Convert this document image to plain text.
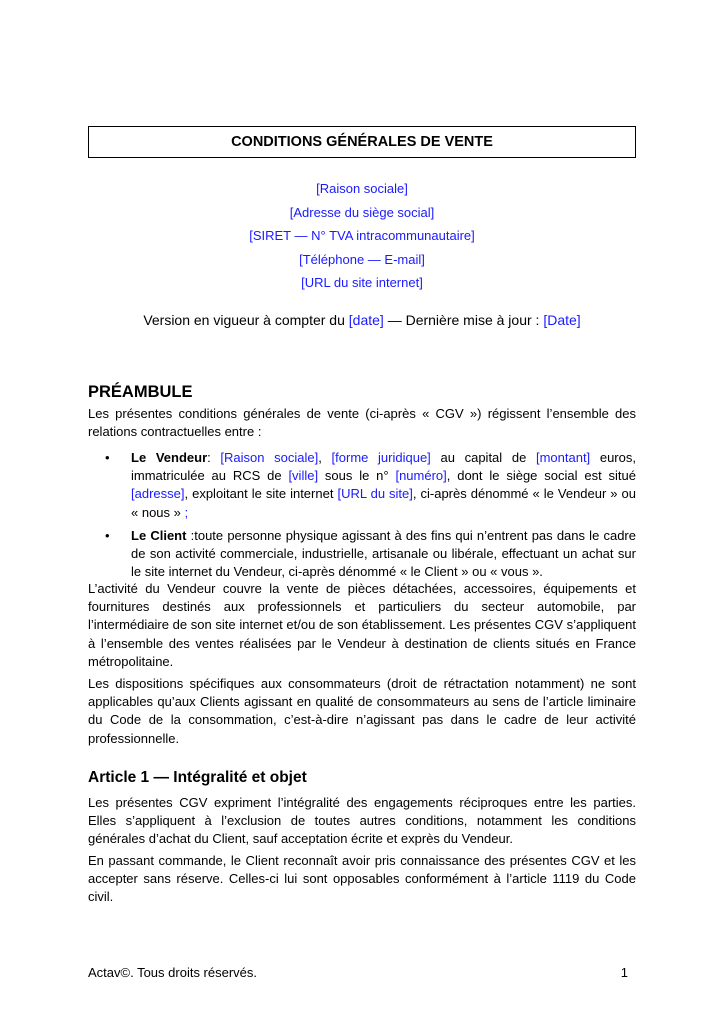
CONDITIONS GÉNÉRALES DE VENTE
[Raison sociale]
[Adresse du siège social]
[SIRET — N° TVA intracommunautaire]
[Téléphone — E-mail]
[URL du site internet]
Version en vigueur à compter du [date] — Dernière mise à jour : [Date]
PRÉAMBULE
Les présentes conditions générales de vente (ci-après « CGV ») régissent l’ensemble des relations contractuelles entre :
• Le Vendeur: [Raison sociale], [forme juridique] au capital de [montant] euros, immatriculée au RCS de [ville] sous le n° [numéro], dont le siège social est situé [adresse], exploitant le site internet [URL du site], ci-après dénommé « le Vendeur » ou « nous » ;
• Le Client :toute personne physique agissant à des fins qui n’entrent pas dans le cadre de son activité commerciale, industrielle, artisanale ou libérale, effectuant un achat sur le site internet du Vendeur, ci-après dénommé « le Client » ou « vous ».
L’activité du Vendeur couvre la vente de pièces détachées, accessoires, équipements et fournitures destinés aux professionnels et particuliers du secteur automobile, par l’intermédiaire de son site internet et/ou de son établissement. Les présentes CGV s’appliquent à l’ensemble des ventes réalisées par le Vendeur à destination de clients situés en France métropolitaine.
Les dispositions spécifiques aux consommateurs (droit de rétractation notamment) ne sont applicables qu’aux Clients agissant en qualité de consommateurs au sens de l’article liminaire du Code de la consommation, c’est-à-dire n’agissant pas dans le cadre de leur activité professionnelle.
Article 1 — Intégralité et objet
Les présentes CGV expriment l’intégralité des engagements réciproques entre les parties. Elles s’appliquent à l’exclusion de toutes autres conditions, notamment les conditions générales d’achat du Client, sauf acceptation écrite et exprès du Vendeur.
En passant commande, le Client reconnaît avoir pris connaissance des présentes CGV et les accepter sans réserve. Celles-ci lui sont opposables conformément à l’article 1119 du Code civil.
Actav©. Tous droits réservés.	1
